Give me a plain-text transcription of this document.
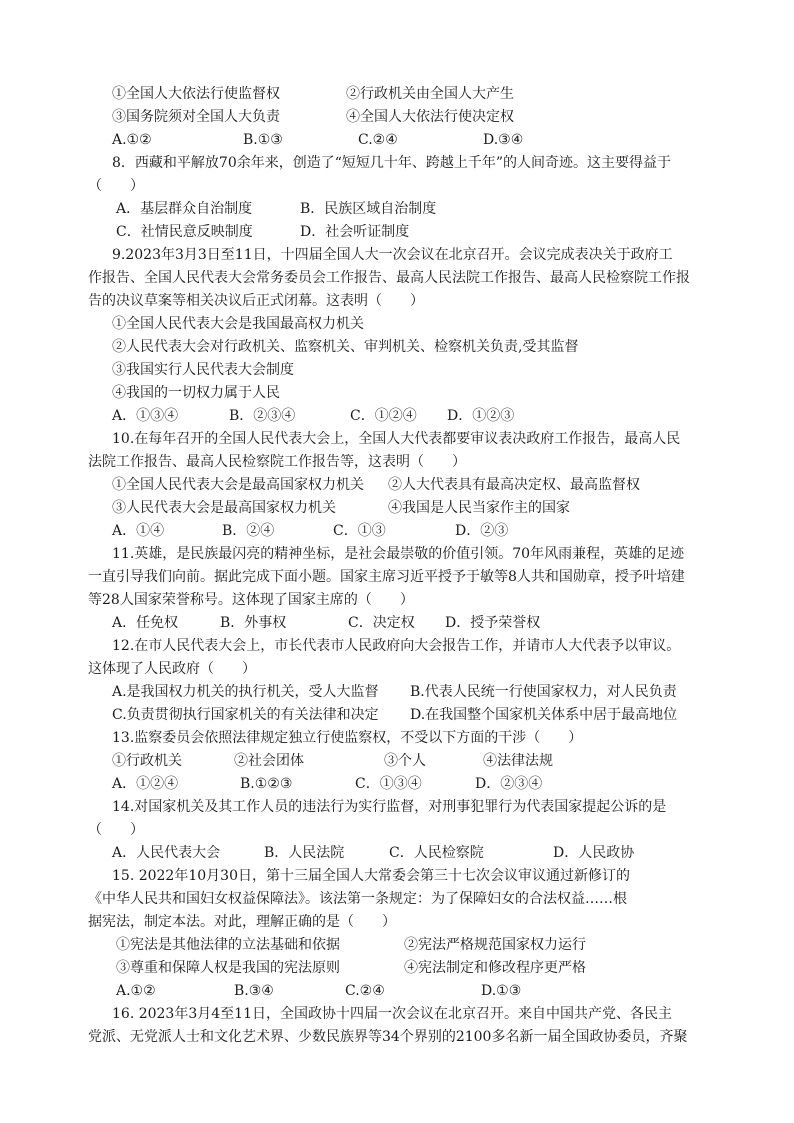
①全国人大依法行使监督权	②行政机关由全国人大产生
③国务院须对全国人大负责	④全国人大依法行使决定权
A.①②	B.①③	C.②④	D.③④
8．西藏和平解放70余年来，创造了“短短几十年、跨越上千年”的人间奇迹。这主要得益于
（　　）
A．基层群众自治制度	B．民族区域自治制度
C．社情民意反映制度	D．社会听证制度
9.2023年3月3日至11日，十四届全国人大一次会议在北京召开。会议完成表决关于政府工
作报告、全国人民代表大会常务委员会工作报告、最高人民法院工作报告、最高人民检察院工作报
告的决议草案等相关决议后正式闭幕。这表明（　　）
①全国人民代表大会是我国最高权力机关
②人民代表大会对行政机关、监察机关、审判机关、检察机关负责,受其监督
③我国实行人民代表大会制度
④我国的一切权力属于人民
A．①③④	B．②③④	C．①②④ D．①②③
10.在每年召开的全国人民代表大会上，全国人大代表都要审议表决政府工作报告，最高人民
法院工作报告、最高人民检察院工作报告等，这表明（　　）
①全国人民代表大会是最高国家权力机关 ②人大代表具有最高决定权、最高监督权
③人民代表大会是最高国家权力机关	④我国是人民当家作主的国家
A．①④	B．②④	C．①③	D．②③
11.英雄，是民族最闪亮的精神坐标，是社会最崇敬的价值引领。70年风雨兼程，英雄的足迹
一直引导我们向前。据此完成下面小题。国家主席习近平授予于敏等8人共和国勋章，授予叶培建
等28人国家荣誉称号。这体现了国家主席的（　　）
A．任免权	B．外事权	C．决定权 D．授予荣誉权
12.在市人民代表大会上，市长代表市人民政府向大会报告工作，并请市人大代表予以审议。
这体现了人民政府（　　）
A.是我国权力机关的执行机关，受人大监督 B.代表人民统一行使国家权力，对人民负责
C.负责贯彻执行国家机关的有关法律和决定 D.在我国整个国家机关体系中居于最高地位
13.监察委员会依照法律规定独立行使监察权，不受以下方面的干涉（　　）
①行政机关	②社会团体	③个人	④法律法规
A．①②④	B.①②③	C．①③④	D．②③④
14.对国家机关及其工作人员的违法行为实行监督，对刑事犯罪行为代表国家提起公诉的是
（　　）
A．人民代表大会	B．人民法院	C．人民检察院	D．人民政协
15. 2022年10月30日，第十三届全国人大常委会第三十七次会议审议通过新修订的
《中华人民共和国妇女权益保障法》。该法第一条规定：为了保障妇女的合法权益……根
据宪法，制定本法。对此，理解正确的是（　　）
①宪法是其他法律的立法基础和依据	②宪法严格规范国家权力运行
③尊重和保障人权是我国的宪法原则	④宪法制定和修改程序更严格
A.①②	B.③④	C.②④	D.①③
16. 2023年3月4至11日，全国政协十四届一次会议在北京召开。来自中国共产党、各民主
党派、无党派人士和文化艺术界、少数民族界等34个界别的2100多名新一届全国政协委员，齐聚
